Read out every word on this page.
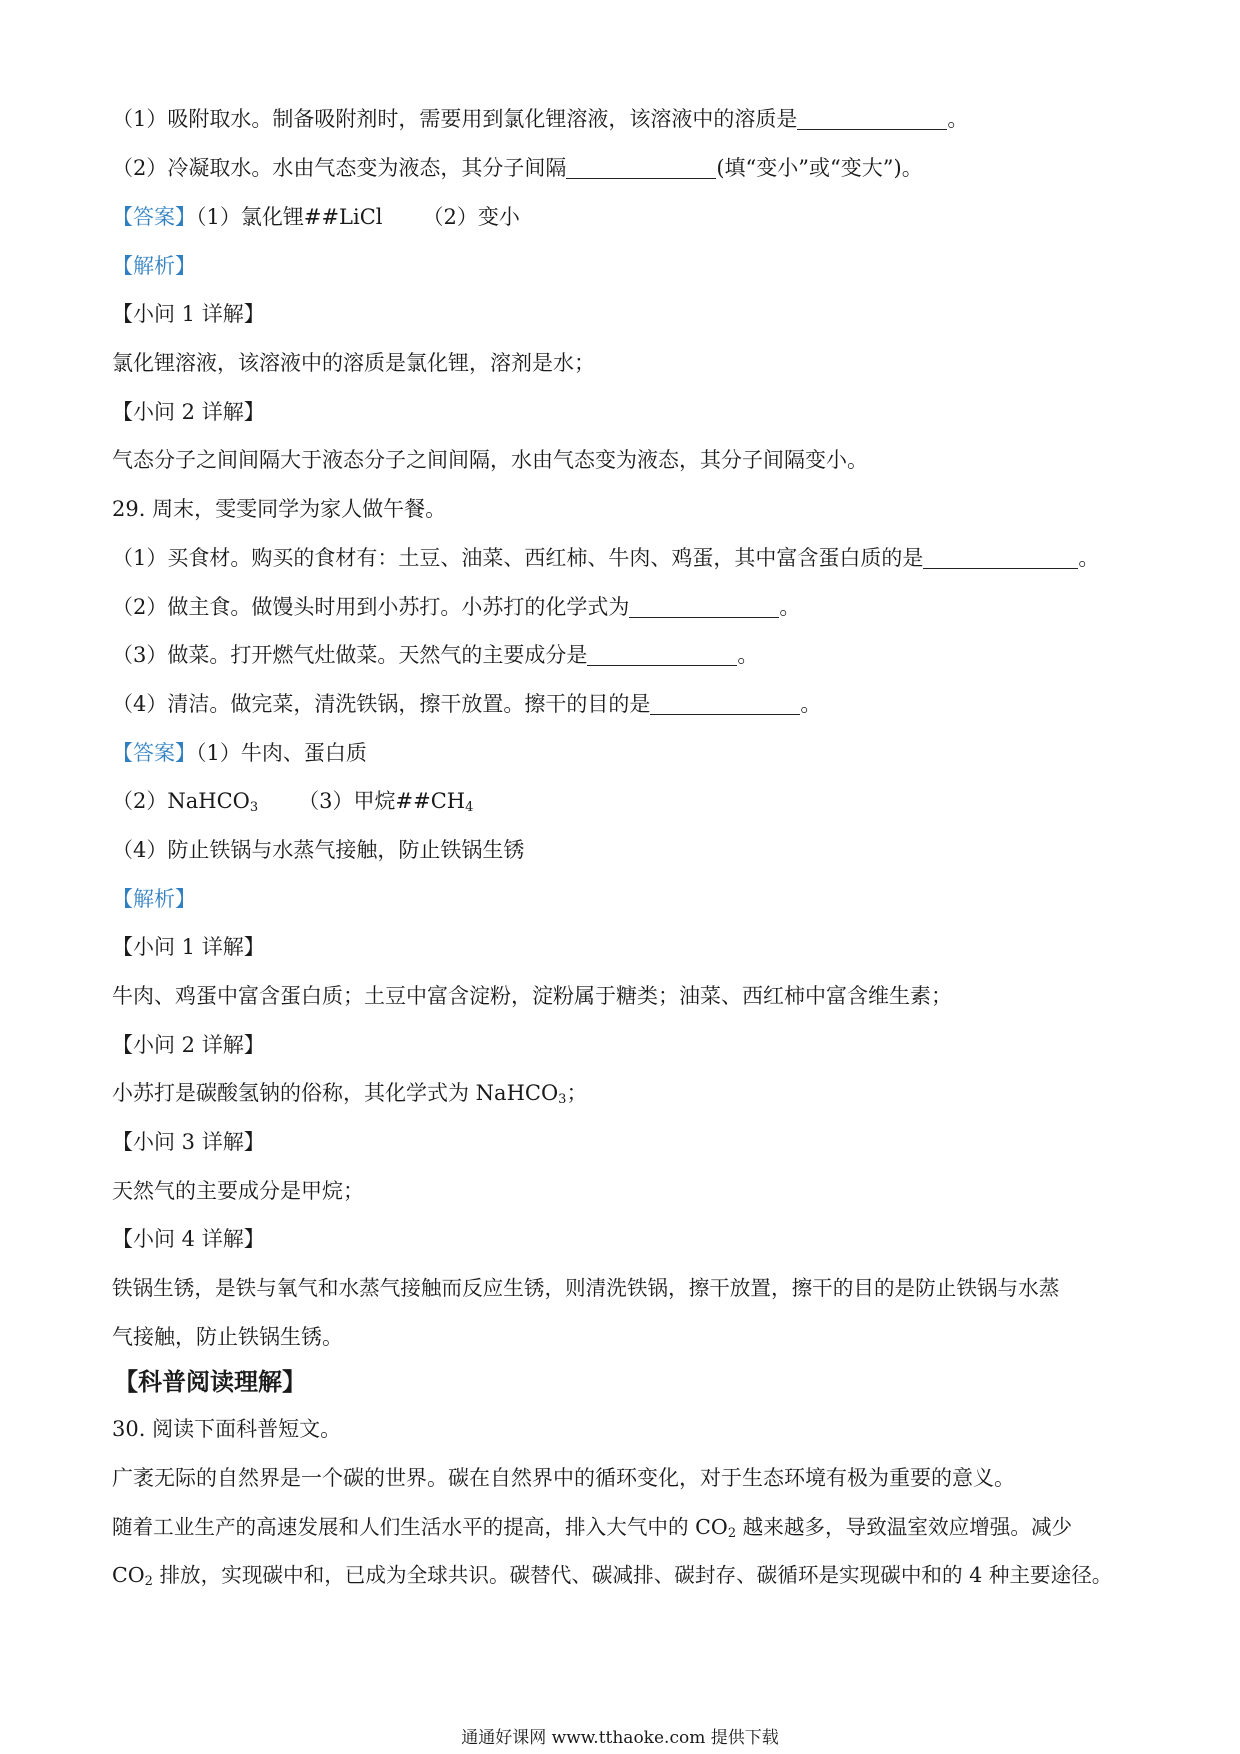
（1）吸附取水。制备吸附剂时，需要用到氯化锂溶液，该溶液中的溶质是	。
（2）冷凝取水。水由气态变为液态，其分子间隔	(填“变小”或“变大”)。
【答案】（1）氯化锂##LiCl （2）变小
【解析】
【小问 1 详解】
氯化锂溶液，该溶液中的溶质是氯化锂，溶剂是水；
【小问 2 详解】
气态分子之间间隔大于液态分子之间间隔，水由气态变为液态，其分子间隔变小。
29. 周末，雯雯同学为家人做午餐。
（1）买食材。购买的食材有：土豆、油菜、西红柿、牛肉、鸡蛋，其中富含蛋白质的是	。
（2）做主食。做馒头时用到小苏打。小苏打的化学式为	。
（3）做菜。打开燃气灶做菜。天然气的主要成分是	。
（4）清洁。做完菜，清洗铁锅，擦干放置。擦干的目的是	。
【答案】（1）牛肉、蛋白质
（2）NaHCO$_3$ （3）甲烷$\#\#CH_4$
（4）防止铁锅与水蒸气接触，防止铁锅生锈
【解析】
【小问 1 详解】
牛肉、鸡蛋中富含蛋白质；土豆中富含淀粉，淀粉属于糖类；油菜、西红柿中富含维生素；
【小问 2 详解】
小苏打是碳酸氢钠的俗称，其化学式为 NaHCO$_3$；
【小问 3 详解】
天然气的主要成分是甲烷；
【小问 4 详解】
铁锅生锈，是铁与氧气和水蒸气接触而反应生锈，则清洗铁锅，擦干放置，擦干的目的是防止铁锅与水蒸
气接触，防止铁锅生锈。
【科普阅读理解】
30. 阅读下面科普短文。
广袤无际的自然界是一个碳的世界。碳在自然界中的循环变化，对于生态环境有极为重要的意义。
随着工业生产的高速发展和人们生活水平的提高，排入大气中的 $CO_2$ 越来越多，导致温室效应增强。减少
$CO_2$ 排放，实现碳中和，已成为全球共识。碳替代、碳减排、碳封存、碳循环是实现碳中和的 4 种主要途径。
通通好课网 www.tthaoke.com 提供下载
